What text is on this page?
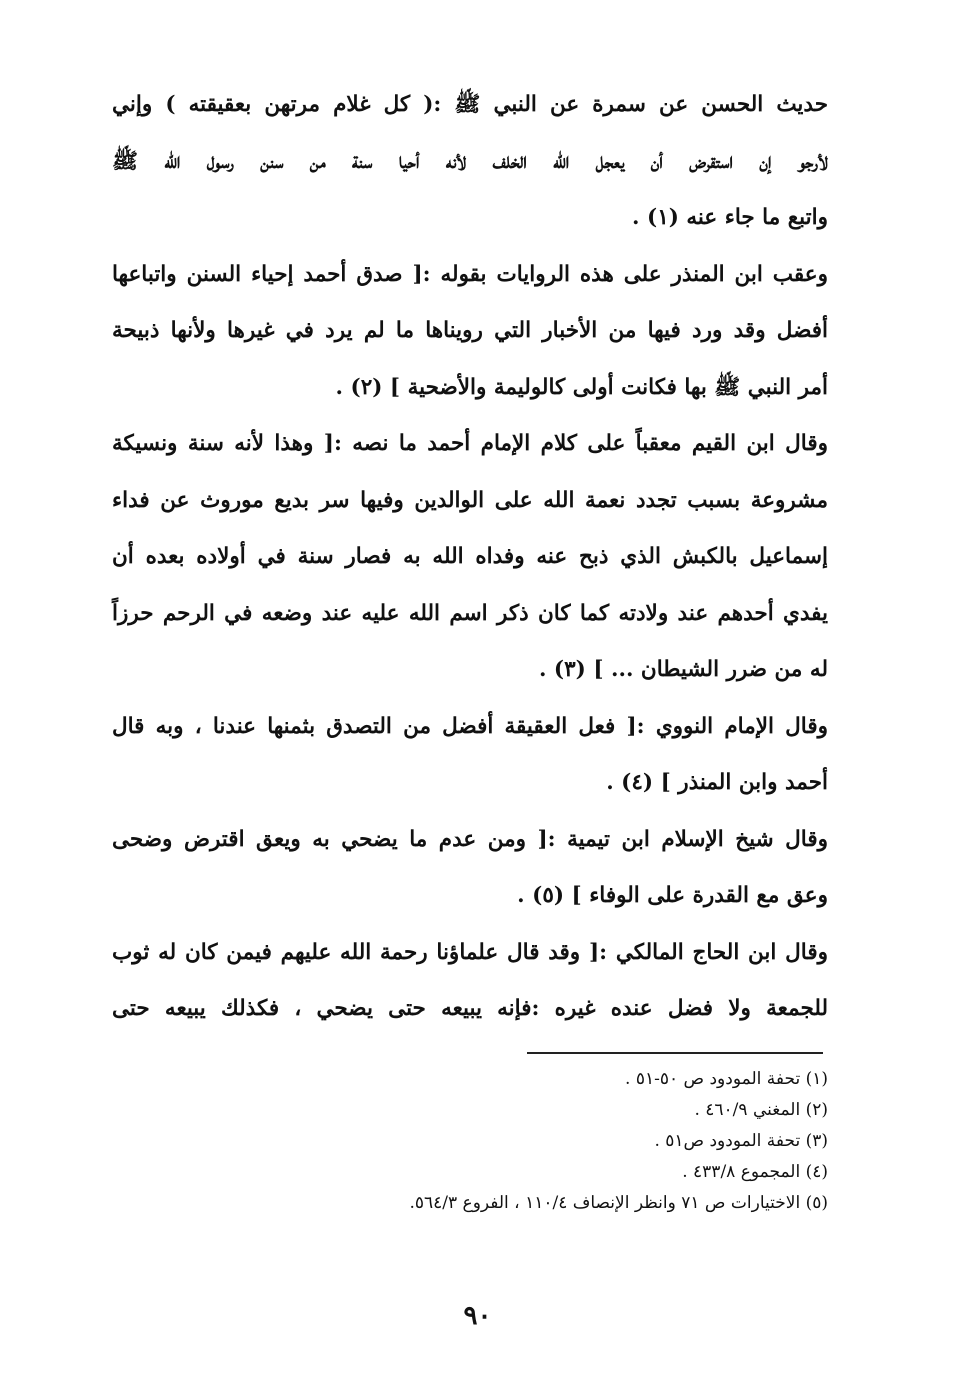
حديث الحسن عن سمرة عن النبي ﷺ :( كل غلام مرتهن بعقيقته ) وإني
لأرجو إن استقرض أن يعجل الله الخلف لأنه أحيا سنة من سنن رسول الله ﷺ
واتبع ما جاء عنه (١) .
وعقب ابن المنذر على هذه الروايات بقوله :[ صدق أحمد إحياء السنن واتباعها
أفضل وقد ورد فيها من الأخبار التي رويناها ما لم يرد في غيرها ولأنها ذبيحة
أمر النبي ﷺ بها فكانت أولى كالوليمة والأضحية ] (٢) .
وقال ابن القيم معقباً على كلام الإمام أحمد ما نصه :[ وهذا لأنه سنة ونسيكة
مشروعة بسبب تجدد نعمة الله على الوالدين وفيها سر بديع موروث عن فداء
إسماعيل بالكبش الذي ذبح عنه وفداه الله به فصار سنة في أولاده بعده أن
يفدي أحدهم عند ولادته كما كان ذكر اسم الله عليه عند وضعه في الرحم حرزاً
له من ضرر الشيطان ... ] (٣) .
وقال الإمام النووي :[ فعل العقيقة أفضل من التصدق بثمنها عندنا ، وبه قال
أحمد وابن المنذر ] (٤) .
وقال شيخ الإسلام ابن تيمية :[ ومن عدم ما يضحي به ويعق اقترض وضحى
وعق مع القدرة على الوفاء ] (٥) .
وقال ابن الحاج المالكي :[ وقد قال علماؤنا رحمة الله عليهم فيمن كان له ثوب
للجمعة ولا فضل عنده غيره :فإنه يبيعه حتى يضحي ، فكذلك يبيعه حتى
(١) تحفة المودود ص ٥٠-٥١ .
(٢) المغني ٤٦٠/٩ .
(٣) تحفة المودود ص٥١ .
(٤) المجموع ٤٣٣/٨ .
(٥) الاختيارات ص ٧١ وانظر الإنصاف ١١٠/٤ ، الفروع ٥٦٤/٣.
٩٠
